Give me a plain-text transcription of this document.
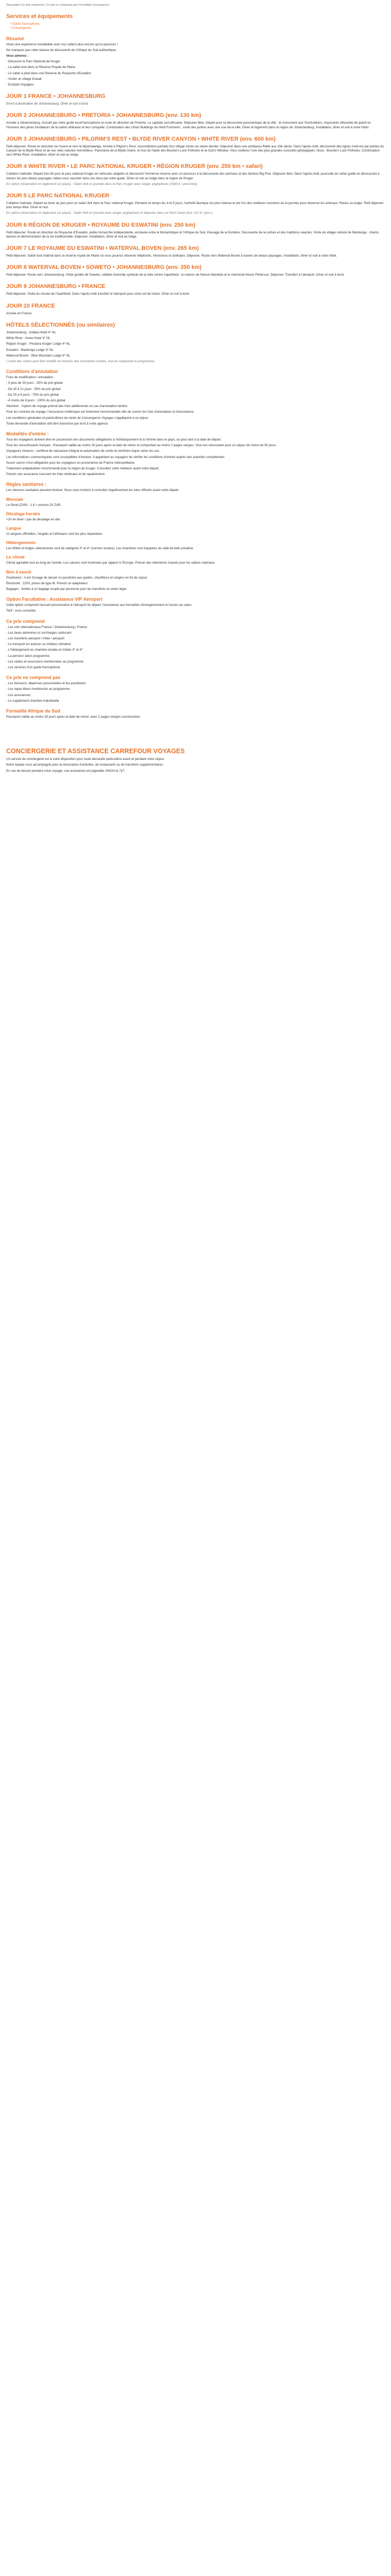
Description Ce prix comprend / Ce prix ne comprend pas Formalités Convergence
Services et équipements
• Guide francophone
• Convergence
Résumé

Vivez une expérience inoubliable avec nos safaris plus encore qu'un parcours !

Ne manquez pas cette séance de découverte de l'Afrique du Sud authentique.

Vous aimerez :

- Découvrir le Parc National de Kruger

- La safari-tout dans la Réserve Royale de Hlane

- Le safari à pied dans une Réserve du Royaume d'Eswatini

- Visiter un village Eswati

- Excitant Voyageur

JOUR 1 FRANCE • JOHANNESBURG

Envol à destination de Johannesburg. Dîner et nuit à bord.

JOUR 2 JOHANNESBURG • PRETORIA • JOHANNESBURG (env. 130 km)

Arrivée à Johannesburg. Accueil par votre guide local francophone et route en direction de Pretoria. Le capitale sud-africaine. Déjeuner libre. Départ pour la découverte panoramique de la ville : le monument aux Voortrekkers, imposante silhouette de granit en l'honneur des pères fondateurs de la nation afrikaner et leur conquête. Continuation des Union Buildings de Herb Fortmann ; visite des jardins avec une vue de la ville. Dîner et logement dans la région de Johannesburg. Installation, dîner et nuit à votre hôtel.

JOUR 3 JOHANNESBURG • PILGRIM'S REST • BLYDE RIVER CANYON • WHITE RIVER (env. 600 km)

Petit déjeuner. Route en direction de l'ouest et vers le Mpumalanga. Arrivée à Pilgrim's Rest, reconstitution parfaite d'un village minier du siècle dernier. Déjeuner dans une ambiance fidèle aux 19e siècle. Dans l'après-midi, découverte des lignes nord-est par parties du Canyon de la Blyde River et de ses sites naturels merveilleux. Panorama de la Blyde rivière, le trou de l'épée des Bourke's Luck Potholes et la God's Window. Vous visiterez l'une des plus grandes curiosités géologiques. Nous : Bourke's Luck Potholes. Continuation vers White River. Installation, dîner et nuit au lodge.

JOUR 4 WHITE RIVER • LE PARC NATIONAL KRUGER • RÉGION KRUGER (env. 250 km • safari)

Collation matinale. Départ très tôt pour le parc national Kruger en véhicules adaptés et découvrez l'immense réserve avec un parcours à la découverte des animaux et des fameux Big Five. Déjeuner libre. Dans l'après-midi, poursuite du safari guidé en découvrant à travers les plus beaux paysages, faites-vous raconter dans ses lieux par votre guide. Dîner et nuit au lodge dans la région de Kruger.

En option (réservation et règlement sur place) : Safari 4x4 en journée dans le Parc Kruger avec ranger anglophone (1590 € / personne).

JOUR 5 LE PARC NATIONAL KRUGER

Collation matinale. Départ au lever du jour pour un safari 4x4 dans le Parc national Kruger. Pendant ce temps les 4 et 5 jours, l'activité faunique est plus intense et est l'un des meilleurs moments de la journée pour observer les animaux. Retour au lodge. Petit déjeuner puis temps libre. Dîner et nuit.

En option (réservation et règlement sur place) : Safari 4x4 en journée avec ranger anglophone et déjeuner dans un Rest Camp (env. 110 € / pers.).

JOUR 6 RÉGION DE KRUGER • ROYAUME DU ESWATINI (env. 250 km)

Petit déjeuner. Route en direction du Royaume d'Eswatini, petite monarchie indépendante, enclavée entre le Mozambique et l'Afrique du Sud. Passage de la frontière. Découverte de la culture et des traditions swazies. Visite du village culturel de Mantenga : chants, danses et démonstration de la vie traditionnelle. Déjeuner. Installation, dîner et nuit au lodge.

JOUR 7 LE ROYAUME DU ESWATINI • WATERVAL BOVEN (env. 265 km)

Petit déjeuner. Safari-tout matinal dans la réserve royale de Hlane où vous pourrez observer éléphants, rhinocéros et antilopes. Déjeuner. Route vers Waterval Boven à travers de beaux paysages. Installation, dîner et nuit à votre hôtel.

JOUR 8 WATERVAL BOVEN • SOWETO • JOHANNESBURG (env. 350 km)

Petit déjeuner. Route vers Johannesburg. Visite guidée de Soweto, célèbre township symbole de la lutte contre l'apartheid : la maison de Nelson Mandela et le mémorial Hector Pieterson. Déjeuner. Transfert à l'aéroport. Dîner et nuit à bord.

JOUR 9 JOHANNESBURG • FRANCE

Petit déjeuner. Visite du musée de l'Apartheid. Dans l'après-midi transfert à l'aéroport pour votre vol de retour. Dîner et nuit à bord.

JOUR 10 FRANCE

Arrivée en France.

HÔTELS SÉLECTIONNÉS (ou similaires)

Johannesburg : Indaba Hotel 4* NL

White River : Anew Hotel 3* NL

Région Kruger : Pestana Kruger Lodge 4* NL

Eswatini : Mantenga Lodge 3* NL

Waterval Boven : Blue Mountain Lodge 4* NL

L'ordre des visites peut être modifié en fonction des contraintes locales, tout en respectant le programme.

Conditions d'annulation

Frais de modification / annulation :

- À plus de 30 jours : 25% du prix global

- De 30 à 21 jours : 50% du prix global

- De 20 à 8 jours : 75% du prix global

- À moins de 8 jours : 100% du prix global

Attention : l'option de voyage prévoit des frais additionnels en cas d'annulation tardive.

Pour les contrats de voyage, l'assurance multirisque est fortement recommandée afin de couvrir les frais d'annulation et d'assistance.

Les conditions générales et particulières de vente de Convergence Voyages s'appliquent à ce séjour.

Toute demande d'annulation doit être transmise par écrit à votre agence.

Modalités d'entrée :

Tous les voyageurs doivent être en possession des documents obligatoires à l'embarquement et à l'entrée dans le pays, au plus tard à la date de départ.

Pour les ressortissants français : Passeport valide au moins 30 jours après la date de retour et comportant au moins 2 pages vierges. Visa non nécessaire pour un séjour de moins de 90 jours.

Voyageurs mineurs : certificat de naissance intégral et autorisation de sortie du territoire requis selon les cas.

Les informations communiquées sont susceptibles d'évoluer. Il appartient au voyageur de vérifier les conditions d'entrée auprès des autorités compétentes.

Aucun vaccin n'est obligatoire pour les voyageurs en provenance de France métropolitaine.

Traitement antipaludéen recommandé pour la région du Kruger. Consultez votre médecin avant votre départ.

Prévoir une assurance couvrant les frais médicaux et de rapatriement.

Règles sanitaires :

Les mesures sanitaires peuvent évoluer. Nous vous invitons à consulter régulièrement les sites officiels avant votre départ.

Monnaie

Le Rand (ZAR) : 1 € = environ 20 ZAR.

Décalage horaire

+1h en hiver / pas de décalage en été.

Langue

11 langues officielles, l'anglais et l'afrikaans sont les plus répandues.

Hébergements

Les hôtels et lodges sélectionnés sont de catégorie 3* et 4* (normes locales). Les chambres sont équipées de salle de bain privative.

Le climat

Climat agréable tout au long de l'année. Les saisons sont inversées par rapport à l'Europe. Prévoir des vêtements chauds pour les safaris matinaux.

Bon à savoir

Pourboires : il est d'usage de laisser un pourboire aux guides, chauffeurs et rangers en fin de séjour.

Électricité : 220V, prises de type M. Prévoir un adaptateur.

Bagages : limités à un bagage souple par personne pour les transferts en avion léger.

Option Facultative : Assistance VIP Aéroport

Cette option comprend l'accueil personnalisé à l'aéroport de départ, l'assistance aux formalités d'enregistrement et l'accès au salon.

Tarif : nous consulter.

Ce prix comprend

- Les vols internationaux France / Johannesburg / France

- Les taxes aériennes et surcharges carburant

- Les transferts aéroport / hôtel / aéroport

- Le transport en autocar ou minibus climatisé

- L'hébergement en chambre double en hôtels 3* et 4*

- La pension selon programme

- Les visites et excursions mentionnées au programme

- Les services d'un guide francophone

Ce prix ne comprend pas

- Les boissons, dépenses personnelles et les pourboires

- Les repas libres mentionnés au programme

- Les assurances

- Le supplément chambre individuelle

Formalité Afrique du Sud

Passeport valide au moins 30 jours après la date de retour, avec 2 pages vierges consécutives.

CONCIERGERIE ET ASSISTANCE CARREFOUR VOYAGES

Un service de conciergerie est à votre disposition pour toute demande particulière avant et pendant votre séjour.

Notre équipe vous accompagne pour la réservation d'activités, de restaurants ou de transferts supplémentaires.

En cas de besoin pendant votre voyage, une assistance est joignable 24h/24 et 7j/7.
